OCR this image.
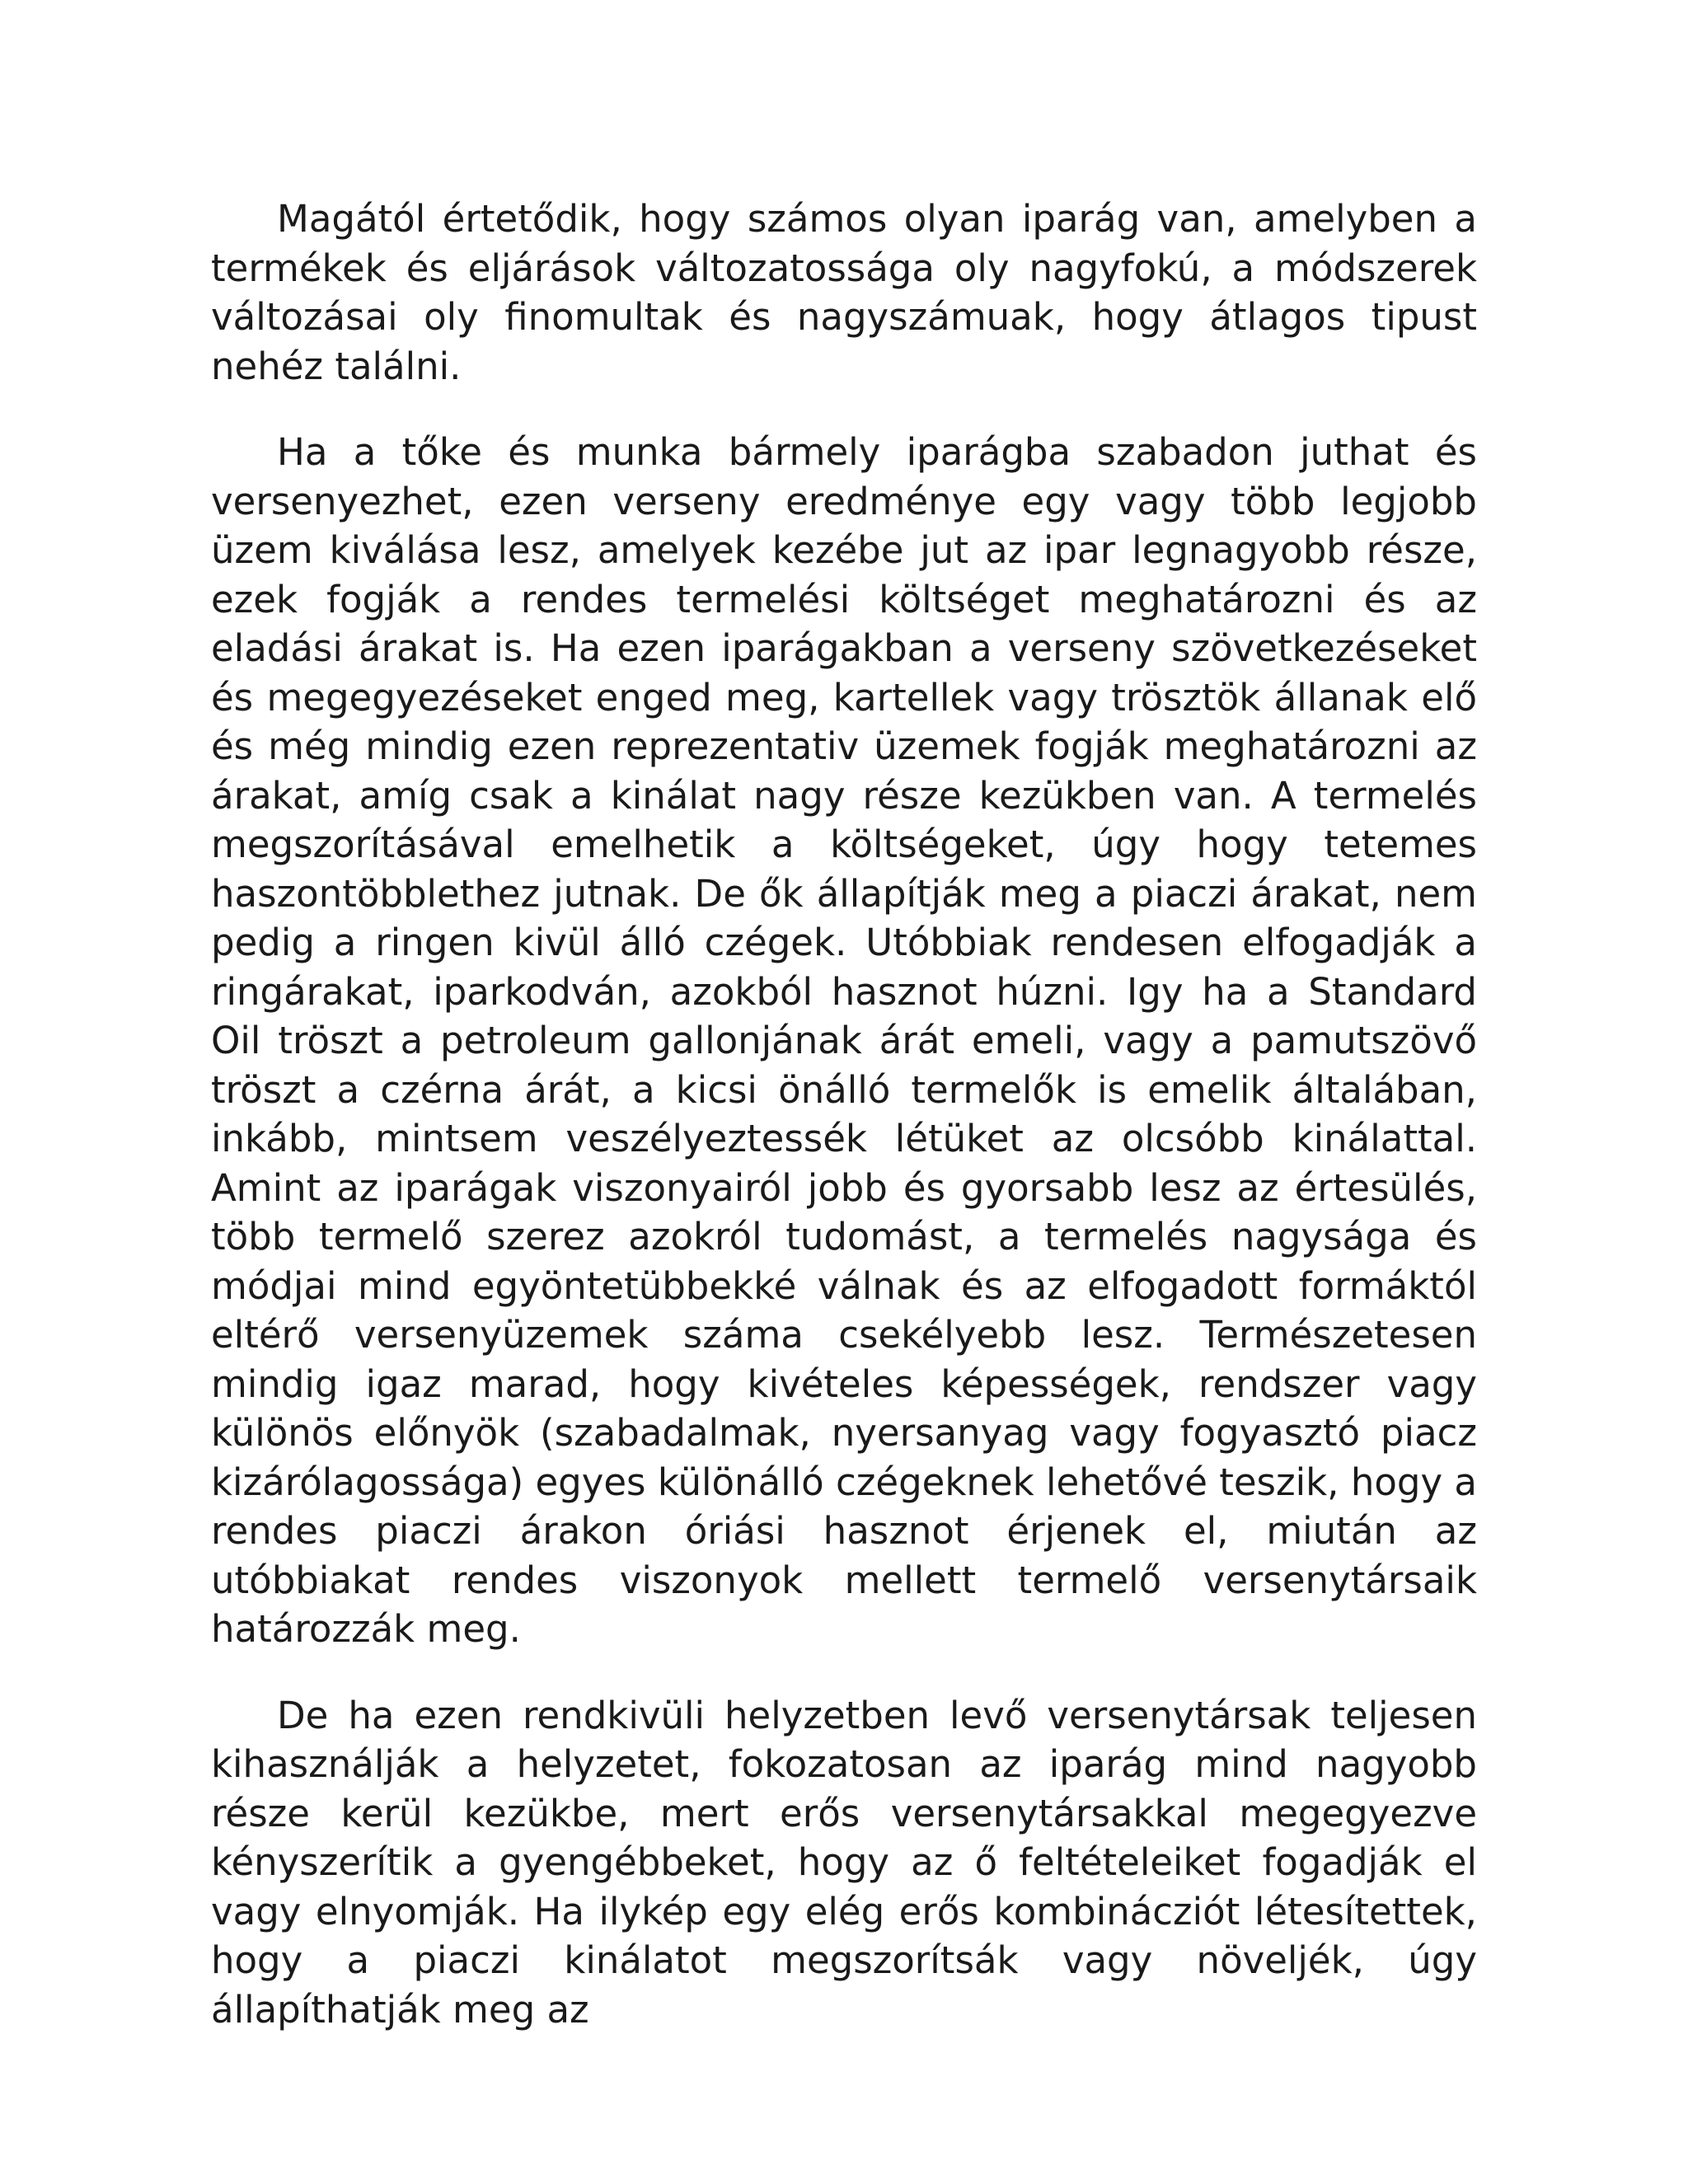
Magától értetődik, hogy számos olyan iparág van, amelyben a termékek és eljárások változatossága oly nagyfokú, a módszerek változásai oly finomultak és nagyszámuak, hogy átlagos tipust nehéz találni.

Ha a tőke és munka bármely iparágba szabadon juthat és versenyezhet, ezen verseny eredménye egy vagy több legjobb üzem kiválása lesz, amelyek kezébe jut az ipar legnagyobb része, ezek fogják a rendes termelési költséget meghatározni és az eladási árakat is. Ha ezen iparágakban a verseny szövetkezéseket és megegyezéseket enged meg, kartellek vagy trösztök állanak elő és még mindig ezen reprezentativ üzemek fogják meghatározni az árakat, amíg csak a kinálat nagy része kezükben van. A termelés megszorításával emelhetik a költségeket, úgy hogy tetemes haszontöbblethez jutnak. De ők állapítják meg a piaczi árakat, nem pedig a ringen kivül álló czégek. Utóbbiak rendesen elfogadják a ringárakat, iparkodván, azokból hasznot húzni. Igy ha a Standard Oil tröszt a petroleum gallonjának árát emeli, vagy a pamutszövő tröszt a czérna árát, a kicsi önálló termelők is emelik általában, inkább, mintsem veszélyeztessék létüket az olcsóbb kinálattal. Amint az iparágak viszonyairól jobb és gyorsabb lesz az értesülés, több termelő szerez azokról tudomást, a termelés nagysága és módjai mind egyöntetübbekké válnak és az elfogadott formáktól eltérő versenyüzemek száma csekélyebb lesz. Természetesen mindig igaz marad, hogy kivételes képességek, rendszer vagy különös előnyök (szabadalmak, nyersanyag vagy fogyasztó piacz kizárólagossága) egyes különálló czégeknek lehetővé teszik, hogy a rendes piaczi árakon óriási hasznot érjenek el, miután az utóbbiakat rendes viszonyok mellett termelő versenytársaik határozzák meg.

De ha ezen rendkivüli helyzetben levő versenytársak teljesen kihasználják a helyzetet, fokozatosan az iparág mind nagyobb része kerül kezükbe, mert erős versenytársakkal megegyezve kényszerítik a gyengébbeket, hogy az ő feltételeiket fogadják el vagy elnyomják. Ha ilykép egy elég erős kombinácziót létesítettek, hogy a piaczi kinálatot megszorítsák vagy növeljék, úgy állapíthatják meg az
